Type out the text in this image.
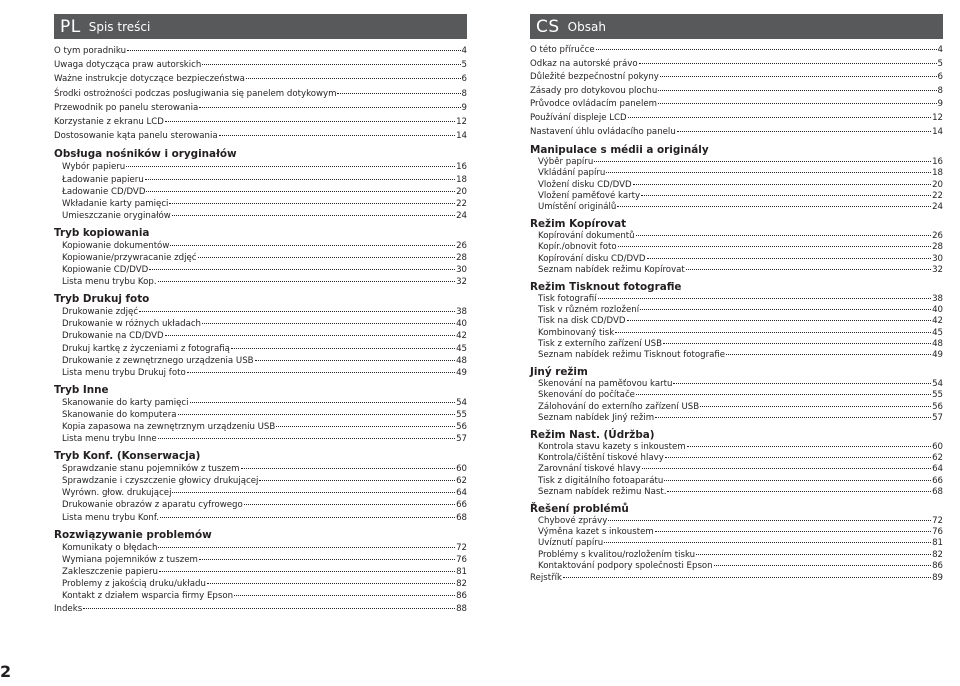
PL Spis treści
O tym poradniku	4
Uwaga dotycząca praw autorskich	5
Ważne instrukcje dotyczące bezpieczeństwa	6
Środki ostrożności podczas posługiwania się panelem dotykowym	8
Przewodnik po panelu sterowania	9
Korzystanie z ekranu LCD	12
Dostosowanie kąta panelu sterowania	14
Obsługa nośników i oryginałów
Wybór papieru	16
Ładowanie papieru	18
Ładowanie CD/DVD	20
Wkładanie karty pamięci	22
Umieszczanie oryginałów	24
Tryb kopiowania
Kopiowanie dokumentów	26
Kopiowanie/przywracanie zdjęć	28
Kopiowanie CD/DVD	30
Lista menu trybu Kop.	32
Tryb Drukuj foto
Drukowanie zdjęć	38
Drukowanie w różnych układach	40
Drukowanie na CD/DVD	42
Drukuj kartkę z życzeniami z fotografią	45
Drukowanie z zewnętrznego urządzenia USB	48
Lista menu trybu Drukuj foto	49
Tryb Inne
Skanowanie do karty pamięci	54
Skanowanie do komputera	55
Kopia zapasowa na zewnętrznym urządzeniu USB	56
Lista menu trybu Inne	57
Tryb Konf. (Konserwacja)
Sprawdzanie stanu pojemników z tuszem	60
Sprawdzanie i czyszczenie głowicy drukującej	62
Wyrówn. głow. drukującej	64
Drukowanie obrazów z aparatu cyfrowego	66
Lista menu trybu Konf.	68
Rozwiązywanie problemów
Komunikaty o błędach	72
Wymiana pojemników z tuszem	76
Zakleszczenie papieru	81
Problemy z jakością druku/układu	82
Kontakt z działem wsparcia firmy Epson	86
Indeks	88
CS Obsah
O této příručce	4
Odkaz na autorské právo	5
Důležité bezpečnostní pokyny	6
Zásady pro dotykovou plochu	8
Průvodce ovládacím panelem	9
Používání displeje LCD	12
Nastavení úhlu ovládacího panelu	14
Manipulace s médii a originály
Výběr papíru	16
Vkládání papíru	18
Vložení disku CD/DVD	20
Vložení paměťové karty	22
Umístění originálů	24
Režim Kopírovat
Kopírování dokumentů	26
Kopír./obnovit foto	28
Kopírování disku CD/DVD	30
Seznam nabídek režimu Kopírovat	32
Režim Tisknout fotografie
Tisk fotografií	38
Tisk v různém rozložení	40
Tisk na disk CD/DVD	42
Kombinovaný tisk	45
Tisk z externího zařízení USB	48
Seznam nabídek režimu Tisknout fotografie	49
Jiný režim
Skenování na paměťovou kartu	54
Skenování do počítače	55
Zálohování do externího zařízení USB	56
Seznam nabídek Jiný režim	57
Režim Nast. (Údržba)
Kontrola stavu kazety s inkoustem	60
Kontrola/čištění tiskové hlavy	62
Zarovnání tiskové hlavy	64
Tisk z digitálního fotoaparátu	66
Seznam nabídek režimu Nast.	68
Řešení problémů
Chybové zprávy	72
Výměna kazet s inkoustem	76
Uvíznutí papíru	81
Problémy s kvalitou/rozložením tisku	82
Kontaktování podpory společnosti Epson	86
Rejstřík	89
2
